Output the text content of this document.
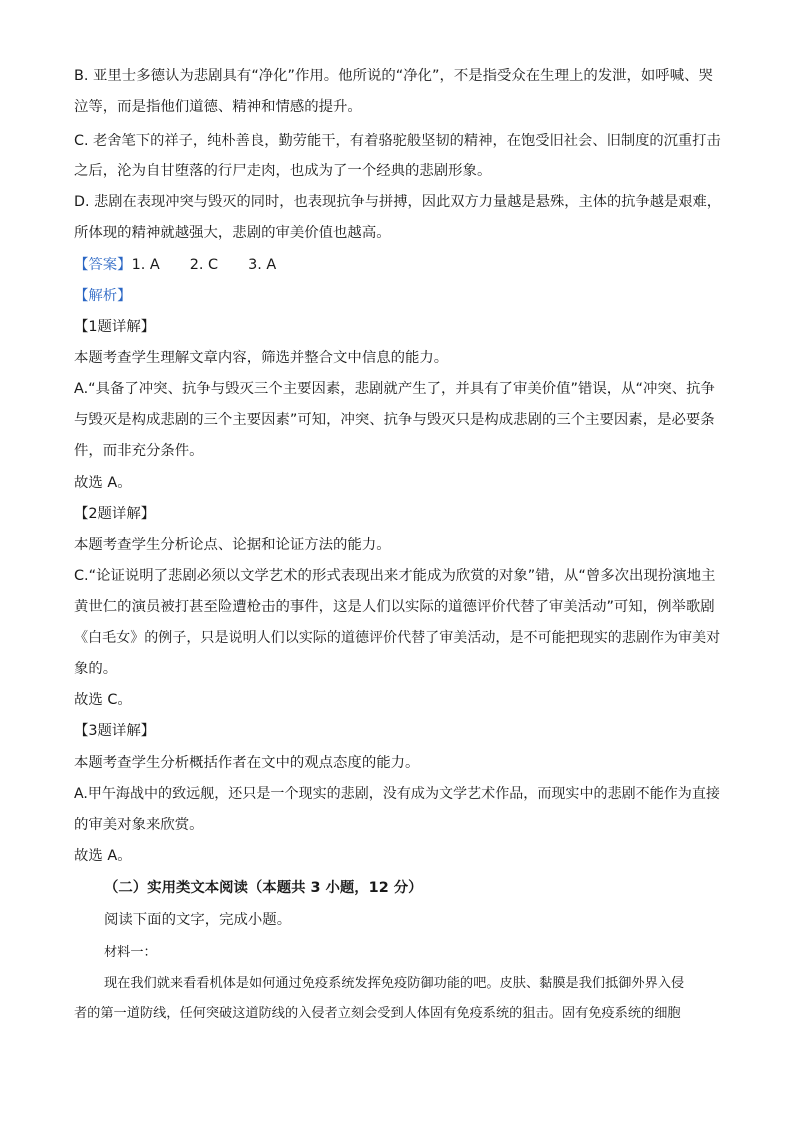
B. 亚里士多德认为悲剧具有“净化”作用。他所说的“净化”，不是指受众在生理上的发泄，如呼喊、哭
泣等，而是指他们道德、精神和情感的提升。
C. 老舍笔下的祥子，纯朴善良，勤劳能干，有着骆驼般坚韧的精神，在饱受旧社会、旧制度的沉重打击
之后，沦为自甘堕落的行尸走肉，也成为了一个经典的悲剧形象。
D. 悲剧在表现冲突与毁灭的同时，也表现抗争与拼搏，因此双方力量越是悬殊，主体的抗争越是艰难，
所体现的精神就越强大，悲剧的审美价值也越高。
【答案】1. A 2. C 3. A
【解析】
【1题详解】
本题考查学生理解文章内容，筛选并整合文中信息的能力。
A.“具备了冲突、抗争与毁灭三个主要因素，悲剧就产生了，并具有了审美价值”错误，从“冲突、抗争
与毁灭是构成悲剧的三个主要因素”可知，冲突、抗争与毁灭只是构成悲剧的三个主要因素，是必要条
件，而非充分条件。
故选 A。
【2题详解】
本题考查学生分析论点、论据和论证方法的能力。
C.“论证说明了悲剧必须以文学艺术的形式表现出来才能成为欣赏的对象”错，从“曾多次出现扮演地主
黄世仁的演员被打甚至险遭枪击的事件，这是人们以实际的道德评价代替了审美活动”可知，例举歌剧
《白毛女》的例子，只是说明人们以实际的道德评价代替了审美活动，是不可能把现实的悲剧作为审美对
象的。
故选 C。
【3题详解】
本题考查学生分析概括作者在文中的观点态度的能力。
A.甲午海战中的致远舰，还只是一个现实的悲剧，没有成为文学艺术作品，而现实中的悲剧不能作为直接
的审美对象来欣赏。
故选 A。
（二）实用类文本阅读（本题共 3 小题，12 分）
阅读下面的文字，完成小题。
材料一：
现在我们就来看看机体是如何通过免疫系统发挥免疫防御功能的吧。皮肤、黏膜是我们抵御外界入侵
者的第一道防线，任何突破这道防线的入侵者立刻会受到人体固有免疫系统的狙击。固有免疫系统的细胞
